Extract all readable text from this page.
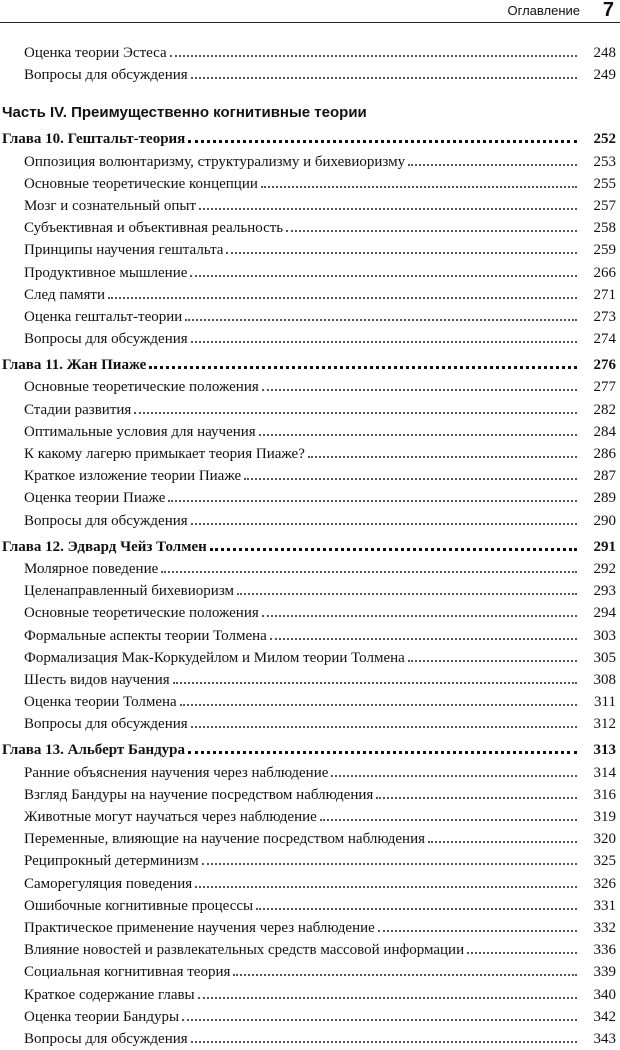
Оглавление 7
Оценка теории Эстеса	248
Вопросы для обсуждения	249
Часть IV. Преимущественно когнитивные теории
Глава 10. Гештальт-теория	252
Оппозиция волюнтаризму, структурализму и бихевиоризму	253
Основные теоретические концепции	255
Мозг и сознательный опыт	257
Субъективная и объективная реальность	258
Принципы научения гештальта	259
Продуктивное мышление	266
След памяти	271
Оценка гештальт-теории	273
Вопросы для обсуждения	274
Глава 11. Жан Пиаже	276
Основные теоретические положения	277
Стадии развития	282
Оптимальные условия для научения	284
К какому лагерю примыкает теория Пиаже?	286
Краткое изложение теории Пиаже	287
Оценка теории Пиаже	289
Вопросы для обсуждения	290
Глава 12. Эдвард Чейз Толмен	291
Молярное поведение	292
Целенаправленный бихевиоризм	293
Основные теоретические положения	294
Формальные аспекты теории Толмена	303
Формализация Мак-Коркудейлом и Милом теории Толмена	305
Шесть видов научения	308
Оценка теории Толмена	311
Вопросы для обсуждения	312
Глава 13. Альберт Бандура	313
Ранние объяснения научения через наблюдение	314
Взгляд Бандуры на научение посредством наблюдения	316
Животные могут научаться через наблюдение	319
Переменные, влияющие на научение посредством наблюдения	320
Реципрокный детерминизм	325
Саморегуляция поведения	326
Ошибочные когнитивные процессы	331
Практическое применение научения через наблюдение	332
Влияние новостей и развлекательных средств массовой информации	336
Социальная когнитивная теория	339
Краткое содержание главы	340
Оценка теории Бандуры	342
Вопросы для обсуждения	343
